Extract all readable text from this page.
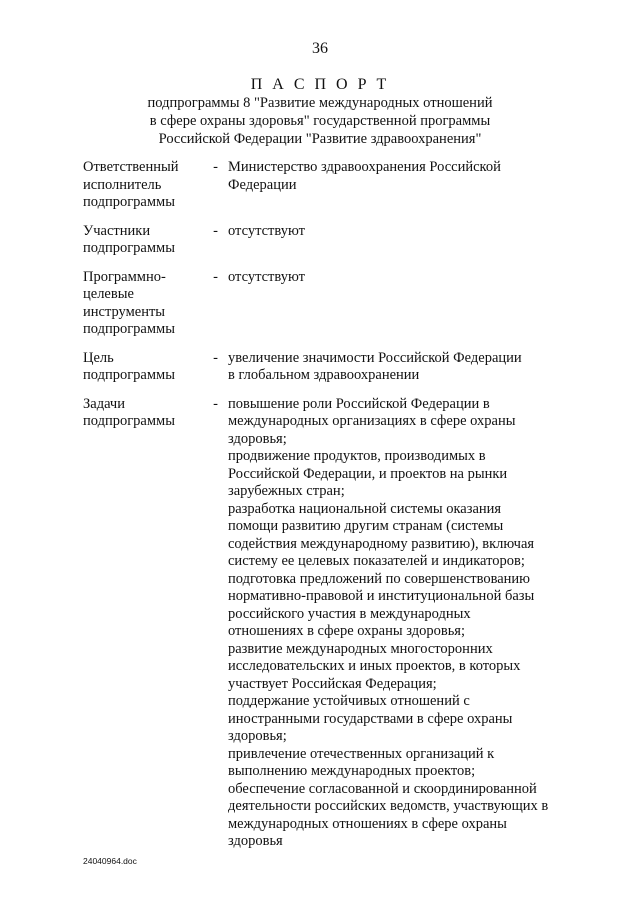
36
П А С П О Р Т
подпрограммы 8 "Развитие международных отношений
в сфере охраны здоровья" государственной программы
Российской Федерации "Развитие здравоохранения"
Ответственный
исполнитель
подпрограммы
- Министерство здравоохранения Российской
Федерации
Участники
подпрограммы
- отсутствуют
Программно-
целевые
инструменты
подпрограммы
- отсутствуют
Цель
подпрограммы
- увеличение значимости Российской Федерации
в глобальном здравоохранении
Задачи
подпрограммы
- повышение роли Российской Федерации в
международных организациях в сфере охраны
здоровья;
продвижение продуктов, производимых в
Российской Федерации, и проектов на рынки
зарубежных стран;
разработка национальной системы оказания
помощи развитию другим странам (системы
содействия международному развитию), включая
систему ее целевых показателей и индикаторов;
подготовка предложений по совершенствованию
нормативно-правовой и институциональной базы
российского участия в международных
отношениях в сфере охраны здоровья;
развитие международных многосторонних
исследовательских и иных проектов, в которых
участвует Российская Федерация;
поддержание устойчивых отношений с
иностранными государствами в сфере охраны
здоровья;
привлечение отечественных организаций к
выполнению международных проектов;
обеспечение согласованной и скоординированной
деятельности российских ведомств, участвующих в
международных отношениях в сфере охраны
здоровья
24040964.doc
